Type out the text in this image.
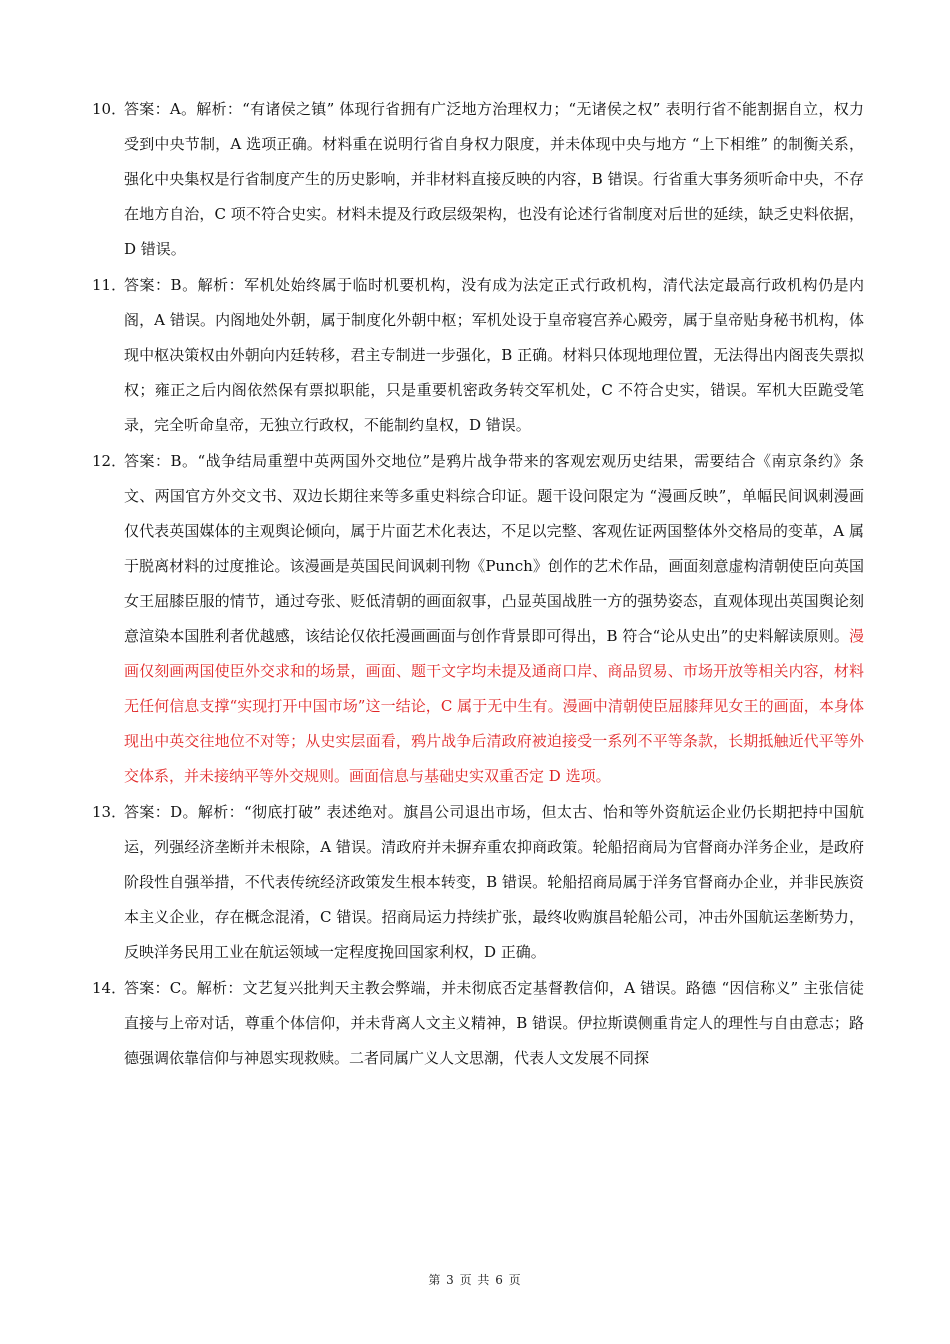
10．
答案：A。解析：“有诸侯之镇” 体现行省拥有广泛地方治理权力；“无诸侯之权” 表明行省不能割据自立，权力受到中央节制，A 选项正确。材料重在说明行省自身权力限度，并未体现中央与地方 “上下相维” 的制衡关系，强化中央集权是行省制度产生的历史影响，并非材料直接反映的内容，B 错误。行省重大事务须听命中央，不存在地方自治，C 项不符合史实。材料未提及行政层级架构，也没有论述行省制度对后世的延续，缺乏史料依据，D 错误。
11．
答案：B。解析：军机处始终属于临时机要机构，没有成为法定正式行政机构，清代法定最高行政机构仍是内阁，A 错误。内阁地处外朝，属于制度化外朝中枢；军机处设于皇帝寝宫养心殿旁，属于皇帝贴身秘书机构，体现中枢决策权由外朝向内廷转移，君主专制进一步强化，B 正确。材料只体现地理位置，无法得出内阁丧失票拟权；雍正之后内阁依然保有票拟职能，只是重要机密政务转交军机处，C 不符合史实，错误。军机大臣跪受笔录，完全听命皇帝，无独立行政权，不能制约皇权，D 错误。
12．
答案：B。“战争结局重塑中英两国外交地位”是鸦片战争带来的客观宏观历史结果，需要结合《南京条约》条文、两国官方外交文书、双边长期往来等多重史料综合印证。题干设问限定为 “漫画反映”，单幅民间讽刺漫画仅代表英国媒体的主观舆论倾向，属于片面艺术化表达，不足以完整、客观佐证两国整体外交格局的变革，A 属于脱离材料的过度推论。该漫画是英国民间讽刺刊物《Punch》创作的艺术作品，画面刻意虚构清朝使臣向英国女王屈膝臣服的情节，通过夸张、贬低清朝的画面叙事，凸显英国战胜一方的强势姿态，直观体现出英国舆论刻意渲染本国胜利者优越感，该结论仅依托漫画画面与创作背景即可得出，B 符合“论从史出”的史料解读原则。漫画仅刻画两国使臣外交求和的场景，画面、题干文字均未提及通商口岸、商品贸易、市场开放等相关内容，材料无任何信息支撑“实现打开中国市场”这一结论，C 属于无中生有。漫画中清朝使臣屈膝拜见女王的画面，本身体现出中英交往地位不对等；从史实层面看，鸦片战争后清政府被迫接受一系列不平等条款，长期抵触近代平等外交体系，并未接纳平等外交规则。画面信息与基础史实双重否定 D 选项。
13．
答案：D。解析：“彻底打破” 表述绝对。旗昌公司退出市场，但太古、怡和等外资航运企业仍长期把持中国航运，列强经济垄断并未根除，A 错误。清政府并未摒弃重农抑商政策。轮船招商局为官督商办洋务企业，是政府阶段性自强举措，不代表传统经济政策发生根本转变，B 错误。轮船招商局属于洋务官督商办企业，并非民族资本主义企业，存在概念混淆，C 错误。招商局运力持续扩张，最终收购旗昌轮船公司，冲击外国航运垄断势力，反映洋务民用工业在航运领域一定程度挽回国家利权，D 正确。
14．
答案：C。解析：文艺复兴批判天主教会弊端，并未彻底否定基督教信仰，A 错误。路德 “因信称义” 主张信徒直接与上帝对话，尊重个体信仰，并未背离人文主义精神，B 错误。伊拉斯谟侧重肯定人的理性与自由意志；路德强调依靠信仰与神恩实现救赎。二者同属广义人文思潮，代表人文发展不同探
第 3 页 共 6 页
